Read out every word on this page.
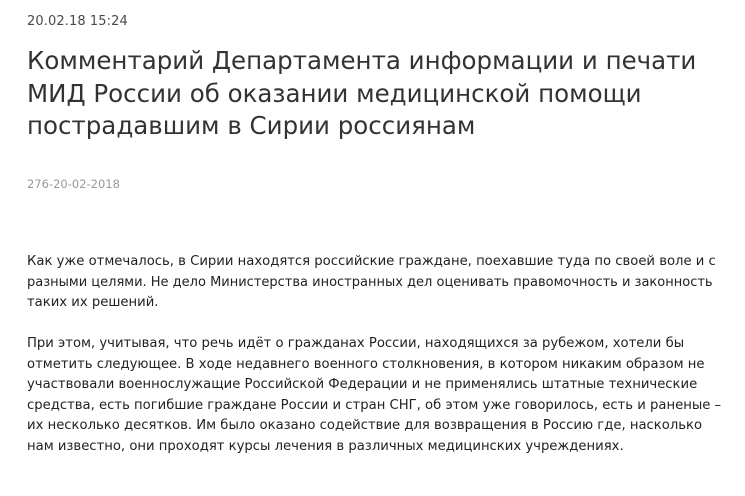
20.02.18 15:24
Комментарий Департамента информации и печати
МИД России об оказании медицинской помощи
пострадавшим в Сирии россиянам
276-20-02-2018

Как уже отмечалось, в Сирии находятся российские граждане, поехавшие туда по своей воле и с
разными целями. Не дело Министерства иностранных дел оценивать правомочность и законность
таких их решений.

При этом, учитывая, что речь идёт о гражданах России, находящихся за рубежом, хотели бы
отметить следующее. В ходе недавнего военного столкновения, в котором никаким образом не
участвовали военнослужащие Российской Федерации и не применялись штатные технические
средства, есть погибшие граждане России и стран СНГ, об этом уже говорилось, есть и раненые –
их несколько десятков. Им было оказано содействие для возвращения в Россию где, насколько
нам известно, они проходят курсы лечения в различных медицинских учреждениях.
